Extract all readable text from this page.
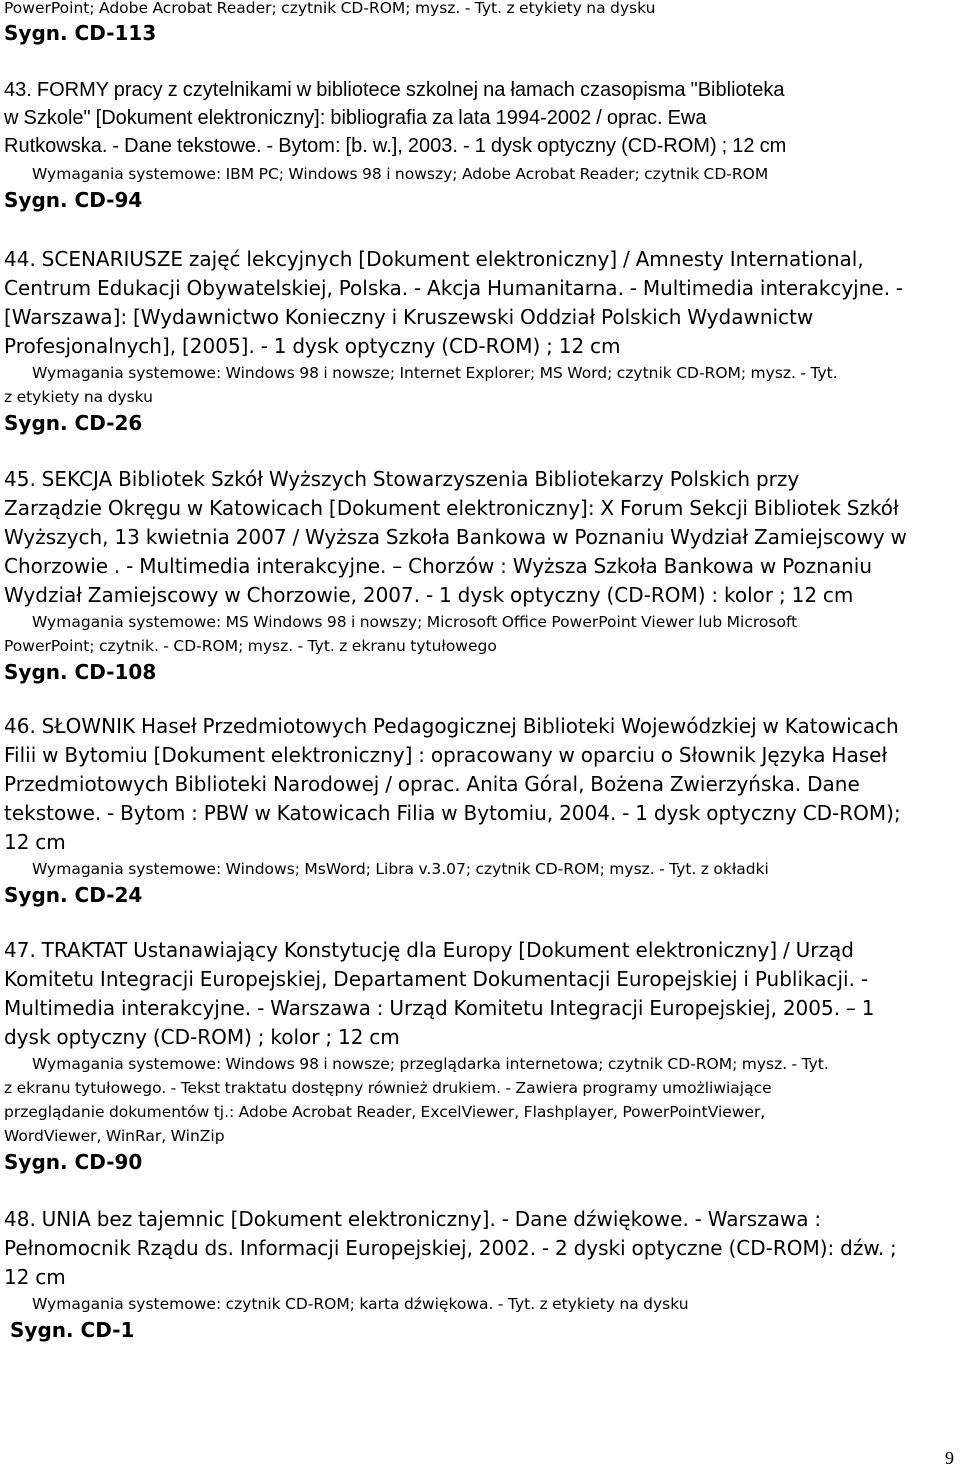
PowerPoint; Adobe Acrobat Reader; czytnik CD-ROM; mysz. - Tyt. z etykiety na dysku
Sygn. CD-113
43. FORMY pracy z czytelnikami w bibliotece szkolnej na łamach czasopisma "Biblioteka
w Szkole" [Dokument elektroniczny]: bibliografia za lata 1994-2002 / oprac. Ewa
Rutkowska. - Dane tekstowe. - Bytom: [b. w.], 2003. - 1 dysk optyczny (CD-ROM) ; 12 cm
Wymagania systemowe: IBM PC; Windows 98 i nowszy; Adobe Acrobat Reader; czytnik CD-ROM
Sygn. CD-94
44. SCENARIUSZE zajęć lekcyjnych [Dokument elektroniczny] / Amnesty International,
Centrum Edukacji Obywatelskiej, Polska. - Akcja Humanitarna. - Multimedia interakcyjne. -
[Warszawa]: [Wydawnictwo Konieczny i Kruszewski Oddział Polskich Wydawnictw
Profesjonalnych], [2005]. - 1 dysk optyczny (CD-ROM) ; 12 cm
Wymagania systemowe: Windows 98 i nowsze; Internet Explorer; MS Word; czytnik CD-ROM; mysz. - Tyt.
z etykiety na dysku
Sygn. CD-26
45. SEKCJA Bibliotek Szkół Wyższych Stowarzyszenia Bibliotekarzy Polskich przy
Zarządzie Okręgu w Katowicach [Dokument elektroniczny]: X Forum Sekcji Bibliotek Szkół
Wyższych, 13 kwietnia 2007 / Wyższa Szkoła Bankowa w Poznaniu Wydział Zamiejscowy w
Chorzowie . - Multimedia interakcyjne. – Chorzów : Wyższa Szkoła Bankowa w Poznaniu
Wydział Zamiejscowy w Chorzowie, 2007. - 1 dysk optyczny (CD-ROM) : kolor ; 12 cm
Wymagania systemowe: MS Windows 98 i nowszy; Microsoft Office PowerPoint Viewer lub Microsoft
PowerPoint; czytnik. - CD-ROM; mysz. - Tyt. z ekranu tytułowego
Sygn. CD-108
46. SŁOWNIK Haseł Przedmiotowych Pedagogicznej Biblioteki Wojewódzkiej w Katowicach
Filii w Bytomiu [Dokument elektroniczny] : opracowany w oparciu o Słownik Języka Haseł
Przedmiotowych Biblioteki Narodowej / oprac. Anita Góral, Bożena Zwierzyńska. Dane
tekstowe. - Bytom : PBW w Katowicach Filia w Bytomiu, 2004. - 1 dysk optyczny CD-ROM);
12 cm
Wymagania systemowe: Windows; MsWord; Libra v.3.07; czytnik CD-ROM; mysz. - Tyt. z okładki
Sygn. CD-24
47. TRAKTAT Ustanawiający Konstytucję dla Europy [Dokument elektroniczny] / Urząd
Komitetu Integracji Europejskiej, Departament Dokumentacji Europejskiej i Publikacji. -
Multimedia interakcyjne. - Warszawa : Urząd Komitetu Integracji Europejskiej, 2005. – 1
dysk optyczny (CD-ROM) ; kolor ; 12 cm
Wymagania systemowe: Windows 98 i nowsze; przeglądarka internetowa; czytnik CD-ROM; mysz. - Tyt.
z ekranu tytułowego. - Tekst traktatu dostępny również drukiem. - Zawiera programy umożliwiające
przeglądanie dokumentów tj.: Adobe Acrobat Reader, ExcelViewer, Flashplayer, PowerPointViewer,
WordViewer, WinRar, WinZip
Sygn. CD-90
48. UNIA bez tajemnic [Dokument elektroniczny]. - Dane dźwiękowe. - Warszawa :
Pełnomocnik Rządu ds. Informacji Europejskiej, 2002. - 2 dyski optyczne (CD-ROM): dźw. ;
12 cm
Wymagania systemowe: czytnik CD-ROM; karta dźwiękowa. - Tyt. z etykiety na dysku
Sygn. CD-1
9
